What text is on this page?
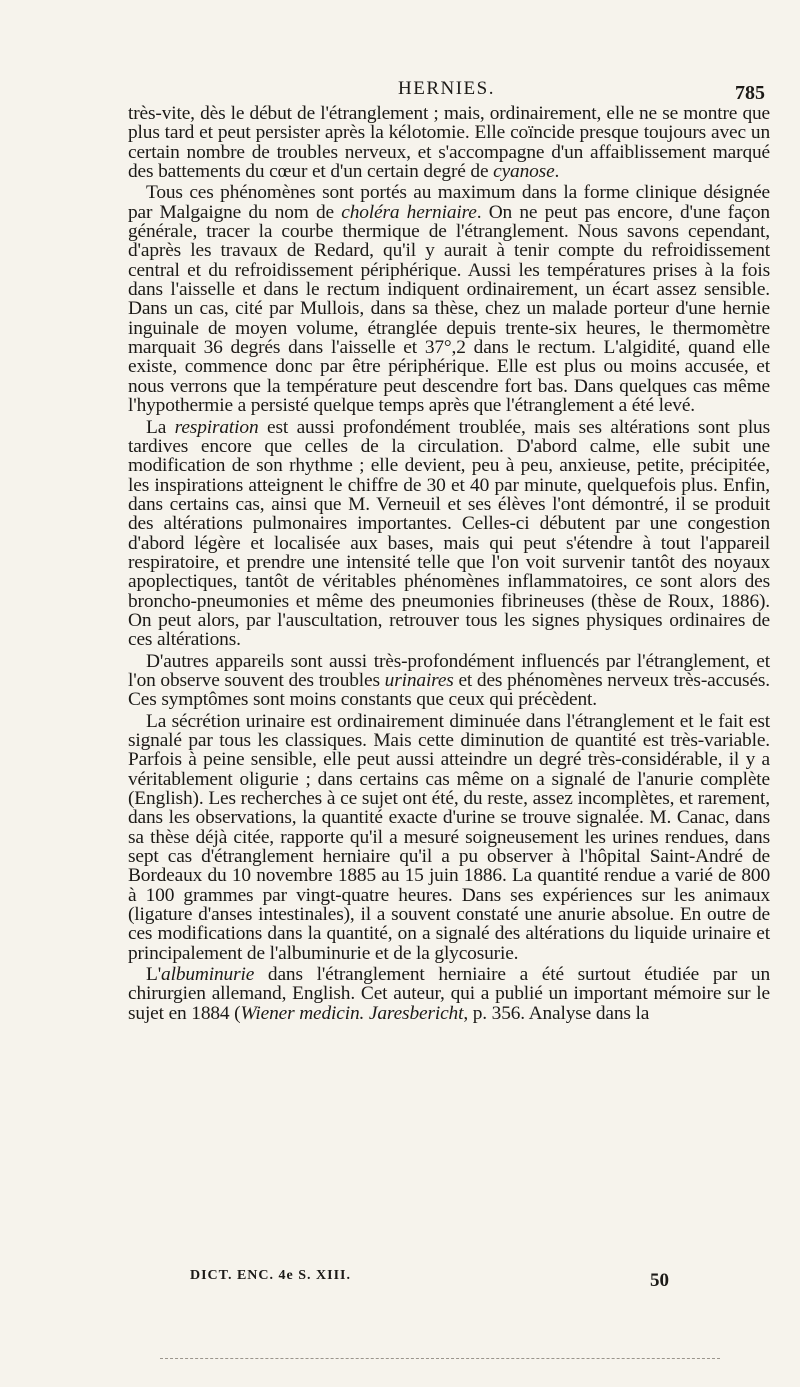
HERNIES.	785

très-vite, dès le début de l'étranglement ; mais, ordinairement, elle ne se montre que plus tard et peut persister après la kélotomie. Elle coïncide presque toujours avec un certain nombre de troubles nerveux, et s'accompagne d'un affaiblissement marqué des battements du cœur et d'un certain degré de cyanose.

Tous ces phénomènes sont portés au maximum dans la forme clinique désignée par Malgaigne du nom de choléra herniaire. On ne peut pas encore, d'une façon générale, tracer la courbe thermique de l'étranglement. Nous savons cependant, d'après les travaux de Redard, qu'il y aurait à tenir compte du refroidissement central et du refroidissement périphérique. Aussi les températures prises à la fois dans l'aisselle et dans le rectum indiquent ordinairement, un écart assez sensible. Dans un cas, cité par Mullois, dans sa thèse, chez un malade porteur d'une hernie inguinale de moyen volume, étranglée depuis trente-six heures, le thermomètre marquait 36 degrés dans l'aisselle et 37°,2 dans le rectum. L'algidité, quand elle existe, commence donc par être périphérique. Elle est plus ou moins accusée, et nous verrons que la température peut descendre fort bas. Dans quelques cas même l'hypothermie a persisté quelque temps après que l'étranglement a été levé.

La respiration est aussi profondément troublée, mais ses altérations sont plus tardives encore que celles de la circulation. D'abord calme, elle subit une modification de son rhythme ; elle devient, peu à peu, anxieuse, petite, précipitée, les inspirations atteignent le chiffre de 30 et 40 par minute, quelquefois plus. Enfin, dans certains cas, ainsi que M. Verneuil et ses élèves l'ont démontré, il se produit des altérations pulmonaires importantes. Celles-ci débutent par une congestion d'abord légère et localisée aux bases, mais qui peut s'étendre à tout l'appareil respiratoire, et prendre une intensité telle que l'on voit survenir tantôt des noyaux apoplectiques, tantôt de véritables phénomènes inflammatoires, ce sont alors des broncho-pneumonies et même des pneumonies fibrineuses (thèse de Roux, 1886). On peut alors, par l'auscultation, retrouver tous les signes physiques ordinaires de ces altérations.

D'autres appareils sont aussi très-profondément influencés par l'étranglement, et l'on observe souvent des troubles urinaires et des phénomènes nerveux très-accusés. Ces symptômes sont moins constants que ceux qui précèdent.

La sécrétion urinaire est ordinairement diminuée dans l'étranglement et le fait est signalé par tous les classiques. Mais cette diminution de quantité est très-variable. Parfois à peine sensible, elle peut aussi atteindre un degré très-considérable, il y a véritablement oligurie ; dans certains cas même on a signalé de l'anurie complète (English). Les recherches à ce sujet ont été, du reste, assez incomplètes, et rarement, dans les observations, la quantité exacte d'urine se trouve signalée. M. Canac, dans sa thèse déjà citée, rapporte qu'il a mesuré soigneusement les urines rendues, dans sept cas d'étranglement herniaire qu'il a pu observer à l'hôpital Saint-André de Bordeaux du 10 novembre 1885 au 15 juin 1886. La quantité rendue a varié de 800 à 100 grammes par vingt-quatre heures. Dans ses expériences sur les animaux (ligature d'anses intestinales), il a souvent constaté une anurie absolue. En outre de ces modifications dans la quantité, on a signalé des altérations du liquide urinaire et principalement de l'albuminurie et de la glycosurie.

L'albuminurie dans l'étranglement herniaire a été surtout étudiée par un chirurgien allemand, English. Cet auteur, qui a publié un important mémoire sur le sujet en 1884 (Wiener medicin. Jaresbericht, p. 356. Analyse dans la

DICT. ENC. 4e S. XIII.	50
